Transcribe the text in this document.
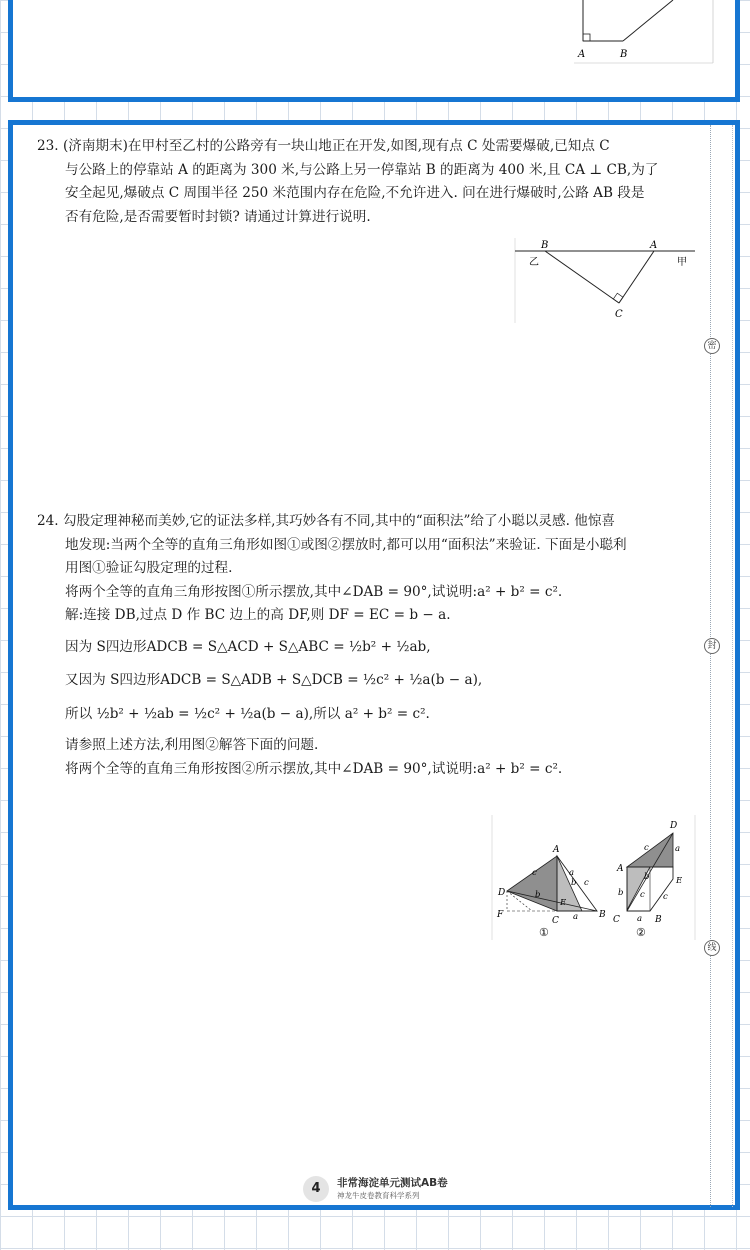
A	B
密
封
线

23. (济南期末)在甲村至乙村的公路旁有一块山地正在开发,如图,现有点 C 处需要爆破,已知点 C

与公路上的停靠站 A 的距离为 300 米,与公路上另一停靠站 B 的距离为 400 米,且 CA ⊥ CB,为了

安全起见,爆破点 C 周围半径 250 米范围内存在危险,不允许进入. 问在进行爆破时,公路 AB 段是

否有危险,是否需要暂时封锁? 请通过计算进行说明.

B	A
乙	甲
C

24. 勾股定理神秘而美妙,它的证法多样,其巧妙各有不同,其中的“面积法”给了小聪以灵感. 他惊喜

地发现:当两个全等的直角三角形如图①或图②摆放时,都可以用“面积法”来验证. 下面是小聪利

用图①验证勾股定理的过程.

将两个全等的直角三角形按图①所示摆放,其中∠DAB = 90°,试说明:a² + b² = c².

解:连接 DB,过点 D 作 BC 边上的高 DF,则 DF = EC = b − a.

因为 S四边形ADCB = S△ACD + S△ABC = ½b² + ½ab,

又因为 S四边形ADCB = S△ADB + S△DCB = ½c² + ½a(b − a),

所以 ½b² + ½ab = ½c² + ½a(b − a),所以 a² + b² = c².

请参照上述方法,利用图②解答下面的问题.

将两个全等的直角三角形按图②所示摆放,其中∠DAB = 90°,试说明:a² + b² = c².

A
D
F
E
C
B
c	a
b
b c
a
①
D
A
E
C	B
c	a
b
b c
a
c
②
4	非常海淀单元测试AB卷
神龙牛皮卷教育科学系列
